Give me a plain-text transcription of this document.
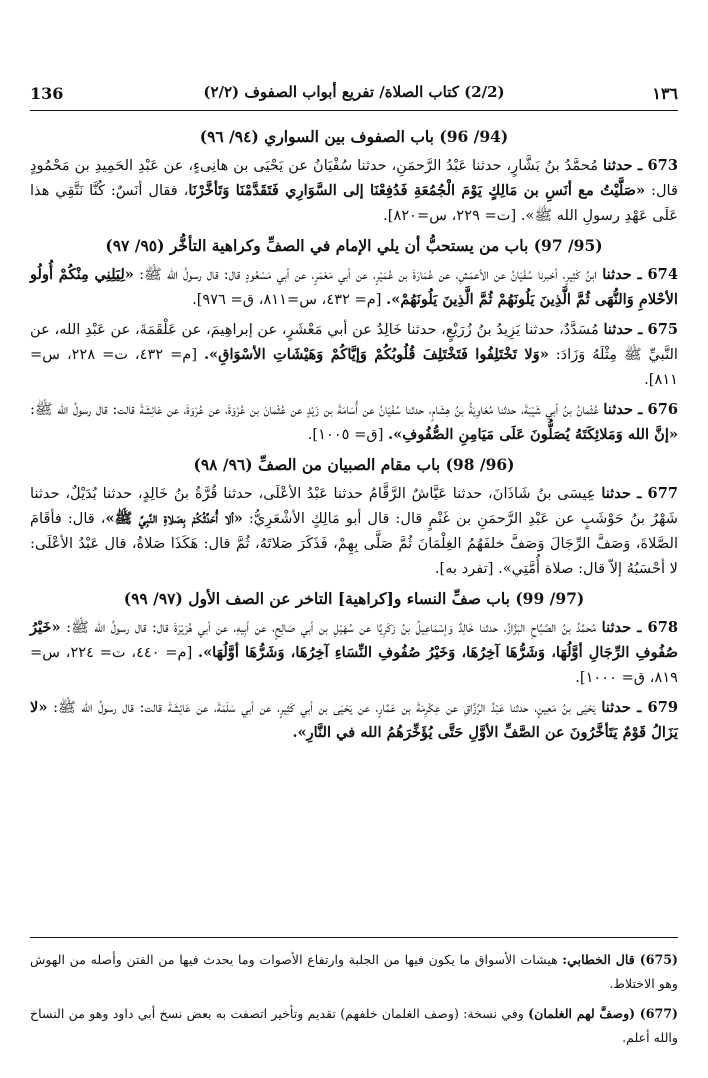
136	(2/2) كتاب الصلاة/ تفريع أبواب الصفوف (٢/٢)	١٣٦
(94/ 96) باب الصفوف بين السواري (٩٤/ ٩٦)

673 ـ حدثنا مُحمَّدُ بنُ بَشَّارٍ، حدثنا عَبْدُ الرَّحمَنِ، حدثنا سُفْيَانُ عن يَحْيَى بن هانِىءٍ، عن عَبْدِ الحَمِيدِ بن مَحْمُودٍ قال: «صَلَّيْتُ مع أنَسِ بن مَالِكٍ يَوْمَ الْجُمُعَةِ فَدُفِعْنَا إلى السَّوَارِي فَتَقَدَّمْنَا وَتَأخَّرْنَا، فقال أنَسٌ: كُنَّا نَتَّقِي هذا عَلَى عَهْدِ رسولِ الله ﷺ». [ت= ٢٢٩، س=٨٢٠].

(95/ 97) باب من يستحبُّ أن يلي الإمام في الصفِّ وكراهية التأخُّر (٩٥/ ٩٧)

674 ـ حدثنا ابنُ كَثِيرٍ، أخبرنا سُفْيَانُ عن الأعمَشِ، عن عُمَارَةَ بن عُمَيْرٍ، عن أبي مَعْمَرٍ، عن أبي مَسْعُودٍ قال: قال رسولُ الله ﷺ: «لِيَلِنِي مِنْكُمْ أُولُو الأحْلامِ وَالنُّهَى ثُمَّ الَّذِينَ يَلُونَهُمْ ثُمَّ الَّذِينَ يَلُونَهُمْ». [م= ٤٣٢، س=٨١١، ق= ٩٧٦].

675 ـ حدثنا مُسَدَّدٌ، حدثنا يَزِيدُ بنُ زُرَيْعٍ، حدثنا خَالِدٌ عن أبي مَعْشَرٍ، عن إبراهِيمَ، عن عَلْقَمَةَ، عن عَبْدِ الله، عن النَّبيِّ ﷺ مِثْلَهُ وَزَادَ: «وَلا تَخْتَلِفُوا فَتَخْتَلِفَ قُلُوبُكُمْ وَإيَّاكُمْ وَهَيْشَاتِ الأسْوَاقِ». [م= ٤٣٢، ت= ٢٢٨، س= ٨١١].

676 ـ حدثنا عُثْمانُ بنُ أبي شَيْبَةَ، حدثنا مُعَاوِيَةُ بنُ هِشَامٍ، حدثنا سُفْيَانُ عن أُسَامَةَ بن زَيْدٍ عن عُثْمانَ بن عُرْوَةَ، عن عُرْوَةَ، عن عَائِشَةَ قالت: قال رسولُ الله ﷺ: «إنَّ الله وَمَلائِكَتَهُ يُصَلُّونَ عَلَى مَيَامِنِ الصُّفُوفِ». [ق= ١٠٠٥].

(96/ 98) باب مقام الصبيان من الصفِّ (٩٦/ ٩٨)

677 ـ حدثنا عِيسَى بنُ شَاذَانَ، حدثنا عَيَّاشٌ الرَّقَّامُ حدثنا عَبْدُ الأعْلَى، حدثنا قُرَّةُ بنُ خَالِدٍ، حدثنا بُدَيْلٌ، حدثنا شَهْرُ بنُ حَوْشَبٍ عن عَبْدِ الرَّحمَنِ بن غَنْمٍ قال: قال أبو مَالِكٍ الأشْعَرِيُّ: «ألا أُحَدِّثُكُمْ بِصَلاةِ النَّبِيِّ ﷺ»، قال: فأقَامَ الصَّلاةَ، وَصَفَّ الرِّجَالَ وَصَفَّ خلفَهُمُ الغِلْمَانَ ثُمَّ صَلَّى بِهِمْ، فَذَكَرَ صَلاتَهُ، ثُمَّ قال: هَكَذَا صَلاةُ، قال عَبْدُ الأعْلَى: لا أحْسَبُهُ إلاّ قال: صلاة أُمَّتِي». [تفرد به].

(97/ 99) باب صفِّ النساء و[كراهية] التاخر عن الصف الأول (٩٧/ ٩٩)

678 ـ حدثنا مُحمَّدُ بنُ الصَّبَّاحِ البَزَّازُ، حدثنا خَالِدٌ وَإسْمَاعِيلُ بنُ زَكَرِيَّا عن سُهَيْلِ بن أبي صَالِحٍ، عن أبِيهِ، عن أبي هُرَيْرَةَ قال: قال رسولُ الله ﷺ: «خَيْرُ صُفُوفِ الرِّجَالِ أوَّلُهَا، وَشَرُّهَا آخِرُهَا، وَخَيْرُ صُفُوفِ النِّسَاءِ آخِرُهَا، وَشَرُّهَا أوَّلُهَا». [م= ٤٤٠، ت= ٢٢٤، س= ٨١٩، ق= ١٠٠٠].

679 ـ حدثنا يَحْيَى بنُ مَعِينٍ، حدثنا عَبْدُ الرَّزَّاقِ عن عِكْرِمَةَ بن عَمَّارٍ، عن يَحْيَى بن أبي كَثِيرٍ، عن أبي سَلَمَةَ، عن عَائِشَةَ قالت: قال رسولُ الله ﷺ: «لا يَزَالُ قَوْمٌ يَتَأخَّرُونَ عن الصَّفِّ الأوَّلِ حَتَّى يُؤَخِّرَهُمُ الله في النَّارِ».

(675) قال الخطابي: هيشات الأسواق ما يكون فيها من الجلبة وارتفاع الأصوات وما يحدث فيها من الفتن وأصله من الهوش وهو الاختلاط.

(677) (وصفَّ لهم الغلمان) وفي نسخة: (وصف الغلمان خلفهم) تقديم وتأخير اتصفت به بعض نسخ أبي داود وهو من النساخ والله أعلم.
